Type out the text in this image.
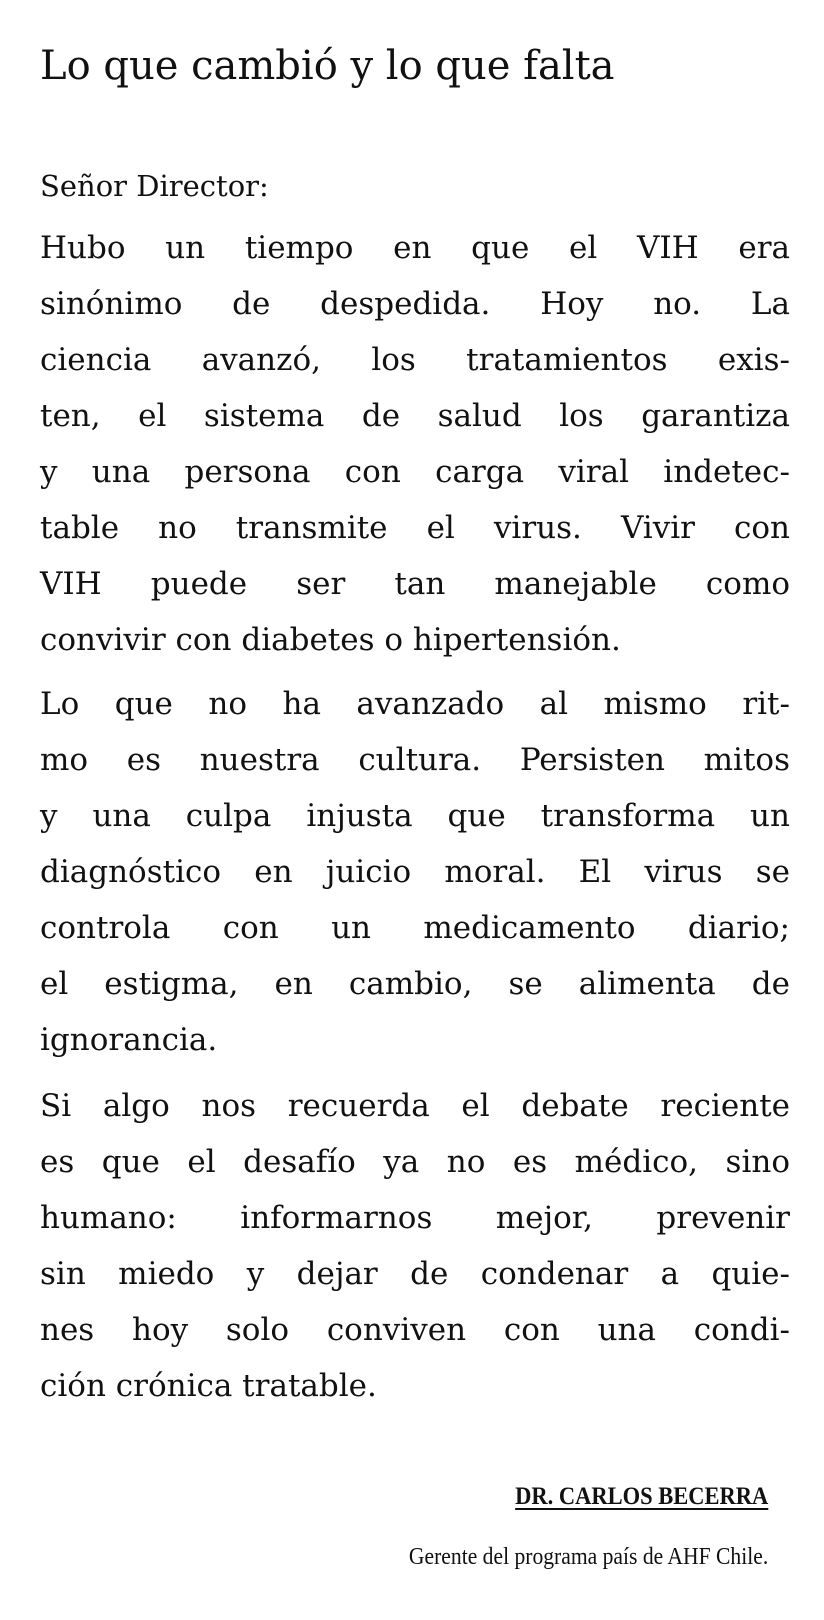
Lo que cambió y lo que falta

Señor Director:

Hubo un tiempo en que el VIH era
sinónimo de despedida. Hoy no. La
ciencia avanzó, los tratamientos exis-
ten, el sistema de salud los garantiza
y una persona con carga viral indetec-
table no transmite el virus. Vivir con
VIH puede ser tan manejable como
convivir con diabetes o hipertensión.

Lo que no ha avanzado al mismo rit-
mo es nuestra cultura. Persisten mitos
y una culpa injusta que transforma un
diagnóstico en juicio moral. El virus se
controla con un medicamento diario;
el estigma, en cambio, se alimenta de
ignorancia.

Si algo nos recuerda el debate reciente
es que el desafío ya no es médico, sino
humano: informarnos mejor, prevenir
sin miedo y dejar de condenar a quie-
nes hoy solo conviven con una condi-
ción crónica tratable.

DR. CARLOS BECERRA

Gerente del programa país de AHF Chile.
